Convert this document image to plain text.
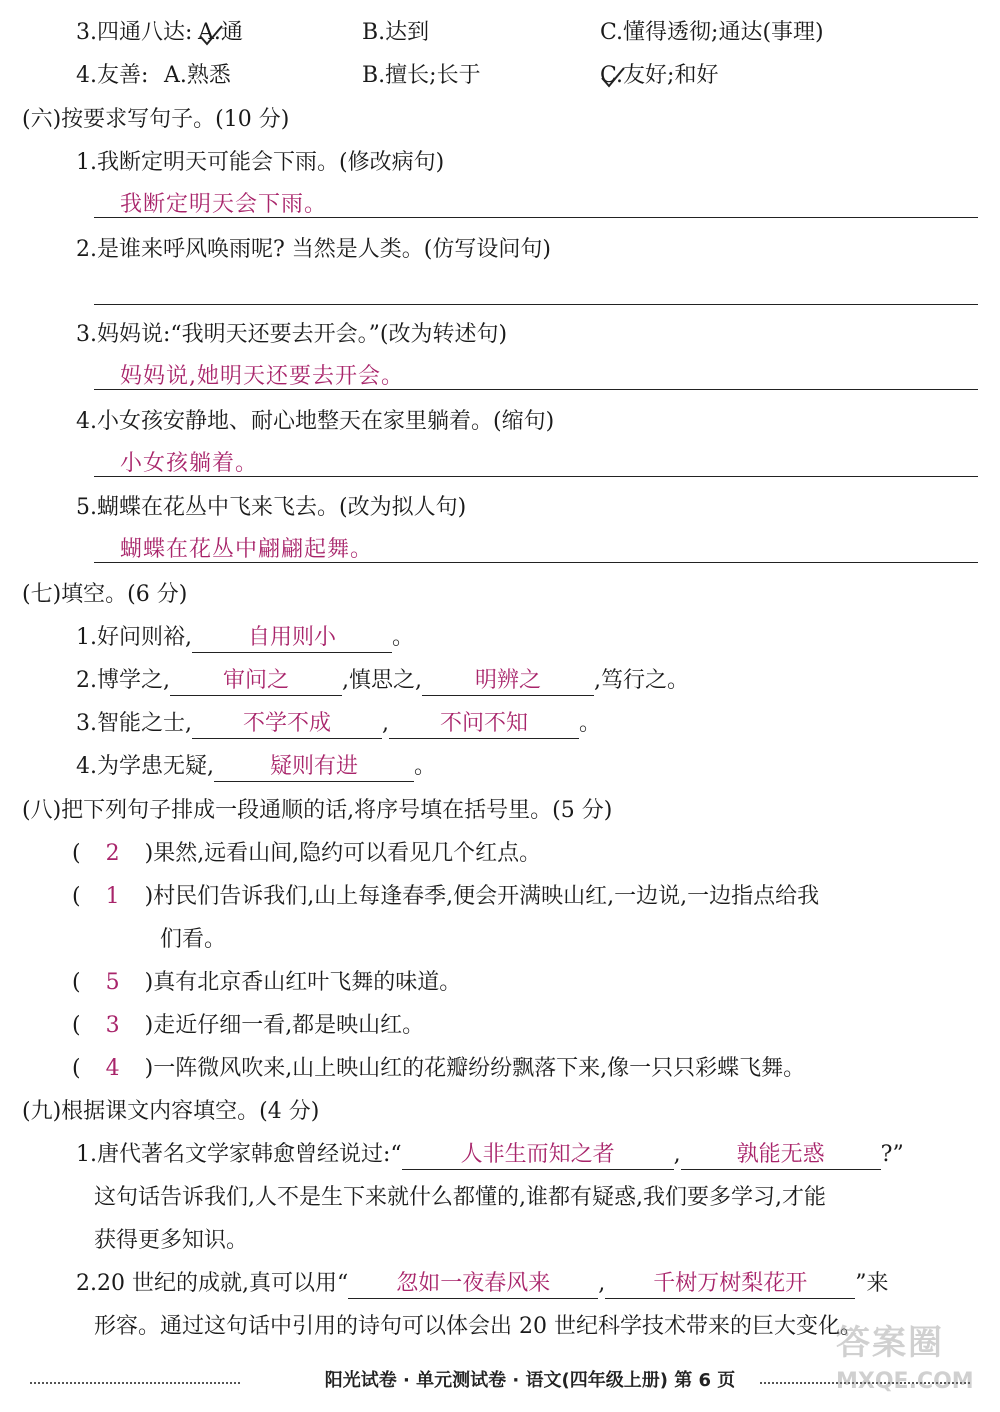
3.四通八达: A.通	B.达到	C.懂得透彻;通达(事理)
4.友善: A.熟悉	B.擅长;长于	C.友好;和好
(六)按要求写句子。(10 分)
1.我断定明天可能会下雨。(修改病句)
我断定明天会下雨。
2.是谁来呼风唤雨呢? 当然是人类。(仿写设问句)
3.妈妈说:“我明天还要去开会。”(改为转述句)
妈妈说,她明天还要去开会。
4.小女孩安静地、耐心地整天在家里躺着。(缩句)
小女孩躺着。
5.蝴蝶在花丛中飞来飞去。(改为拟人句)
蝴蝶在花丛中翩翩起舞。
(七)填空。(6 分)
1.好问则裕,	自用则小	。
2.博学之, 审问之 ,慎思之, 明辨之 ,笃行之。
3.智能之士, 不学不成 , 不问不知 。
4.为学患无疑,	疑则有进	。
(八)把下列句子排成一段通顺的话,将序号填在括号里。(5 分)
( 2 )果然,远看山间,隐约可以看见几个红点。
( 1 )村民们告诉我们,山上每逢春季,便会开满映山红,一边说,一边指点给我
们看。
( 5 )真有北京香山红叶飞舞的味道。
( 3 )走近仔细一看,都是映山红。
( 4 )一阵微风吹来,山上映山红的花瓣纷纷飘落下来,像一只只彩蝶飞舞。
(九)根据课文内容填空。(4 分)
1.唐代著名文学家韩愈曾经说过:“	人非生而知之者	,	孰能无惑	?”
这句话告诉我们,人不是生下来就什么都懂的,谁都有疑惑,我们要多学习,才能
获得更多知识。
2.20 世纪的成就,真可以用“ 忽如一夜春风来 , 千树万树梨花开 ”来
形容。通过这句话中引用的诗句可以体会出 20 世纪科学技术带来的巨大变化。
阳光试卷 · 单元测试卷 · 语文(四年级上册) 第 6 页
答案圈
MXQE.COM
